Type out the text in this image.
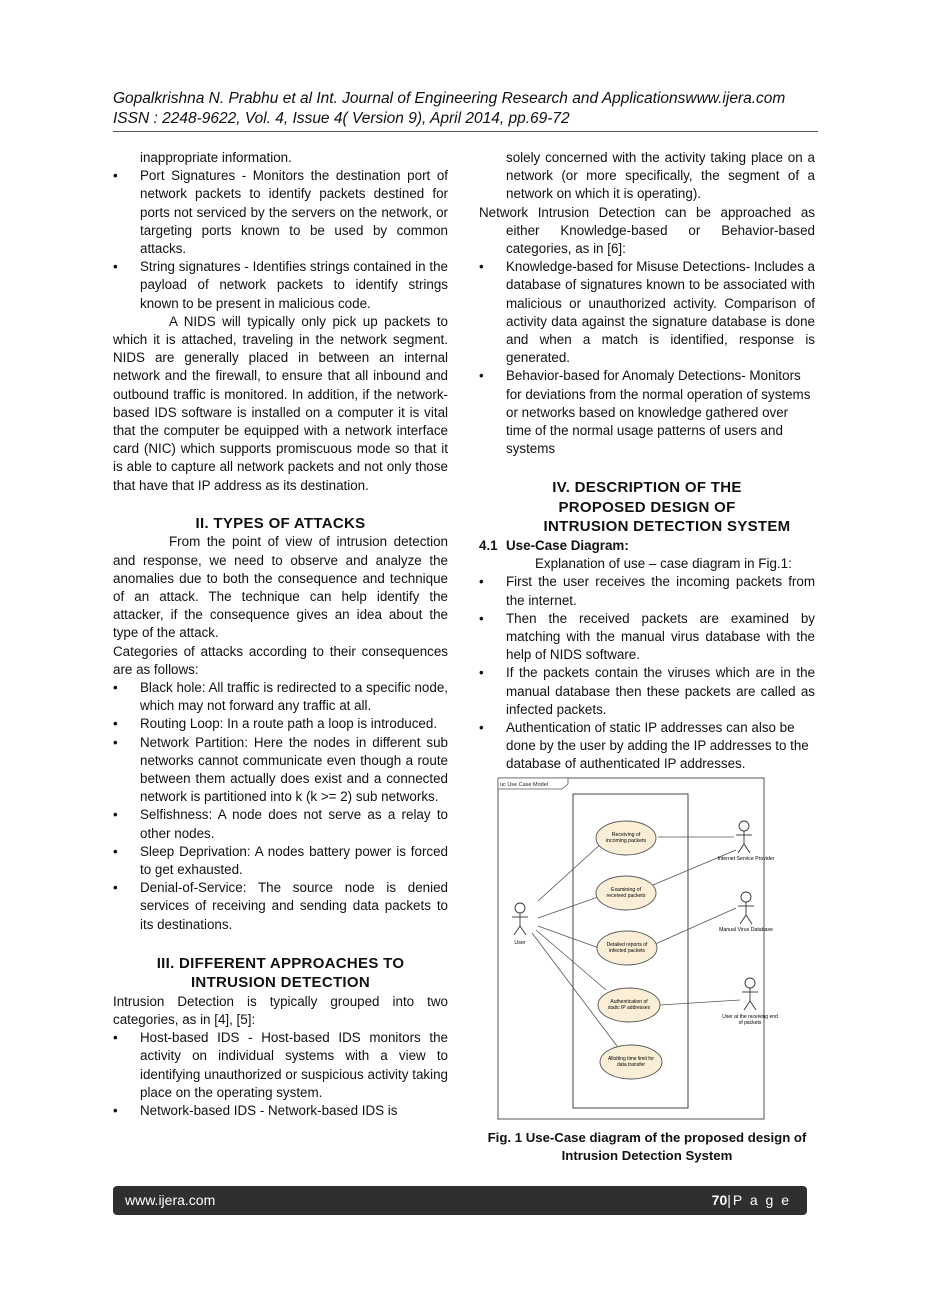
Gopalkrishna N. Prabhu et al Int. Journal of Engineering Research and Applicationswww.ijera.com
ISSN : 2248-9622, Vol. 4, Issue 4( Version 9), April 2014, pp.69-72

inappropriate information.

• Port Signatures - Monitors the destination port of network packets to identify packets destined for ports not serviced by the servers on the network, or targeting ports known to be used by common attacks.
• String signatures - Identifies strings contained in the payload of network packets to identify strings known to be present in malicious code.

A NIDS will typically only pick up packets to which it is attached, traveling in the network segment. NIDS are generally placed in between an internal network and the firewall, to ensure that all inbound and outbound traffic is monitored. In addition, if the network-based IDS software is installed on a computer it is vital that the computer be equipped with a network interface card (NIC) which supports promiscuous mode so that it is able to capture all network packets and not only those that have that IP address as its destination.

II. TYPES OF ATTACKS

From the point of view of intrusion detection and response, we need to observe and analyze the anomalies due to both the consequence and technique of an attack. The technique can help identify the attacker, if the consequence gives an idea about the type of the attack.

Categories of attacks according to their consequences are as follows:

• Black hole: All traffic is redirected to a specific node, which may not forward any traffic at all.
• Routing Loop: In a route path a loop is introduced.
• Network Partition: Here the nodes in different sub networks cannot communicate even though a route between them actually does exist and a connected network is partitioned into k (k >= 2) sub networks.
• Selfishness: A node does not serve as a relay to other nodes.
• Sleep Deprivation: A nodes battery power is forced to get exhausted.
• Denial-of-Service: The source node is denied services of receiving and sending data packets to its destinations.
III. DIFFERENT APPROACHES TO
INTRUSION DETECTION

Intrusion Detection is typically grouped into two categories, as in [4], [5]:

• Host-based IDS - Host-based IDS monitors the activity on individual systems with a view to identifying unauthorized or suspicious activity taking place on the operating system.
• Network-based IDS - Network-based IDS is

solely concerned with the activity taking place on a network (or more specifically, the segment of a network on which it is operating).

Network Intrusion Detection can be approached as either Knowledge-based or Behavior-based categories, as in [6]:

• Knowledge-based for Misuse Detections- Includes a database of signatures known to be associated with malicious or unauthorized activity. Comparison of activity data against the signature database is done and when a match is identified, response is generated.
• Behavior-based for Anomaly Detections- Monitors for deviations from the normal operation of systems or networks based on knowledge gathered over time of the normal usage patterns of users and systems
IV. DESCRIPTION OF THE
PROPOSED DESIGN OF
INTRUSION DETECTION SYSTEM
4.1 Use-Case Diagram:

Explanation of use – case diagram in Fig.1:

• First the user receives the incoming packets from the internet.
• Then the received packets are examined by matching with the manual virus database with the help of NIDS software.
• If the packets contain the viruses which are in the manual database then these packets are called as infected packets.
• Authentication of static IP addresses can also be done by the user by adding the IP addresses to the database of authenticated IP addresses.
uc Use Case Model
Receiving of
incoming packets
Examining of
received packets
Detailed reports of
infected packets
Authentication of
static IP addresses
Allotting time limit for
data transfer
User
Internet Service Provider
Manual Virus Database
User at the receiving end
of packets
Fig. 1 Use-Case diagram of the proposed design of
Intrusion Detection System
www.ijera.com	70|P a g e
